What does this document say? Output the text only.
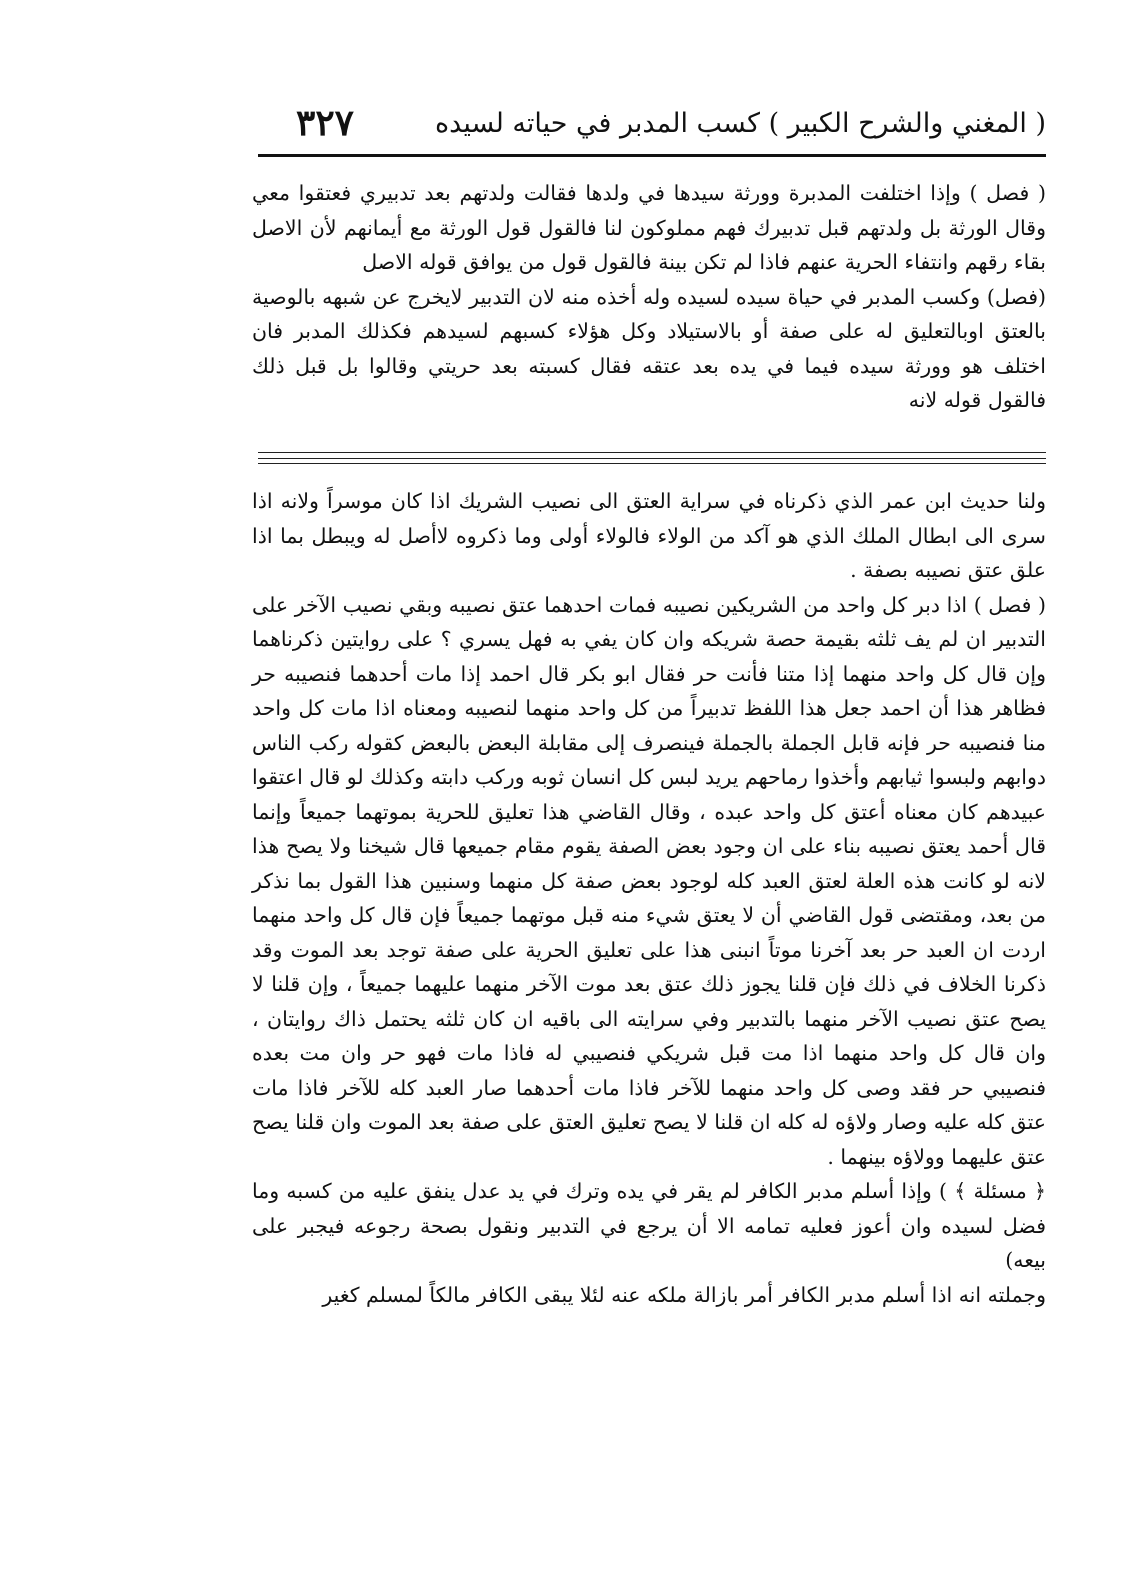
( المغني والشرح الكبير ) كسب المدبر في حياته لسيده
٣٢٧

( فصل ) وإذا اختلفت المدبرة وورثة سيدها في ولدها فقالت ولدتهم بعد تدبيري فعتقوا معي وقال الورثة بل ولدتهم قبل تدبيرك فهم مملوكون لنا فالقول قول الورثة مع أيمانهم لأن الاصل بقاء رقهم وانتفاء الحرية عنهم فاذا لم تكن بينة فالقول قول من يوافق قوله الاصل

(فصل) وكسب المدبر في حياة سيده لسيده وله أخذه منه لان التدبير لايخرج عن شبهه بالوصية بالعتق اوبالتعليق له على صفة أو بالاستيلاد وكل هؤلاء كسبهم لسيدهم فكذلك المدبر فان اختلف هو وورثة سيده فيما في يده بعد عتقه فقال كسبته بعد حريتي وقالوا بل قبل ذلك فالقول قوله لانه

ولنا حديث ابن عمر الذي ذكرناه في سراية العتق الى نصيب الشريك اذا كان موسراً ولانه اذا سرى الى ابطال الملك الذي هو آكد من الولاء فالولاء أولى وما ذكروه لاأصل له ويبطل بما اذا علق عتق نصيبه بصفة .

( فصل ) اذا دبر كل واحد من الشريكين نصيبه فمات احدهما عتق نصيبه وبقي نصيب الآخر على التدبير ان لم يف ثلثه بقيمة حصة شريكه وان كان يفي به فهل يسري ؟ على روايتين ذكرناهما وإن قال كل واحد منهما إذا متنا فأنت حر فقال ابو بكر قال احمد إذا مات أحدهما فنصيبه حر فظاهر هذا أن احمد جعل هذا اللفظ تدبيراً من كل واحد منهما لنصيبه ومعناه اذا مات كل واحد منا فنصيبه حر فإنه قابل الجملة بالجملة فينصرف إلى مقابلة البعض بالبعض كقوله ركب الناس دوابهم ولبسوا ثيابهم وأخذوا رماحهم يريد لبس كل انسان ثوبه وركب دابته وكذلك لو قال اعتقوا عبيدهم كان معناه أعتق كل واحد عبده ، وقال القاضي هذا تعليق للحرية بموتهما جميعاً وإنما قال أحمد يعتق نصيبه بناء على ان وجود بعض الصفة يقوم مقام جميعها قال شيخنا ولا يصح هذا لانه لو كانت هذه العلة لعتق العبد كله لوجود بعض صفة كل منهما وسنبين هذا القول بما نذكر من بعد، ومقتضى قول القاضي أن لا يعتق شيء منه قبل موتهما جميعاً فإن قال كل واحد منهما اردت ان العبد حر بعد آخرنا موتاً انبنى هذا على تعليق الحرية على صفة توجد بعد الموت وقد ذكرنا الخلاف في ذلك فإن قلنا يجوز ذلك عتق بعد موت الآخر منهما عليهما جميعاً ، وإن قلنا لا يصح عتق نصيب الآخر منهما بالتدبير وفي سرايته الى باقيه ان كان ثلثه يحتمل ذاك روايتان ، وان قال كل واحد منهما اذا مت قبل شريكي فنصيبي له فاذا مات فهو حر وان مت بعده فنصيبي حر فقد وصى كل واحد منهما للآخر فاذا مات أحدهما صار العبد كله للآخر فاذا مات عتق كله عليه وصار ولاؤه له كله ان قلنا لا يصح تعليق العتق على صفة بعد الموت وان قلنا يصح عتق عليهما وولاؤه بينهما .

﴿ مسئلة ﴾ ) وإذا أسلم مدبر الكافر لم يقر في يده وترك في يد عدل ينفق عليه من كسبه وما فضل لسيده وان أعوز فعليه تمامه الا أن يرجع في التدبير ونقول بصحة رجوعه فيجبر على بيعه)

وجملته انه اذا أسلم مدبر الكافر أمر بازالة ملكه عنه لئلا يبقى الكافر مالكاً لمسلم كغير
